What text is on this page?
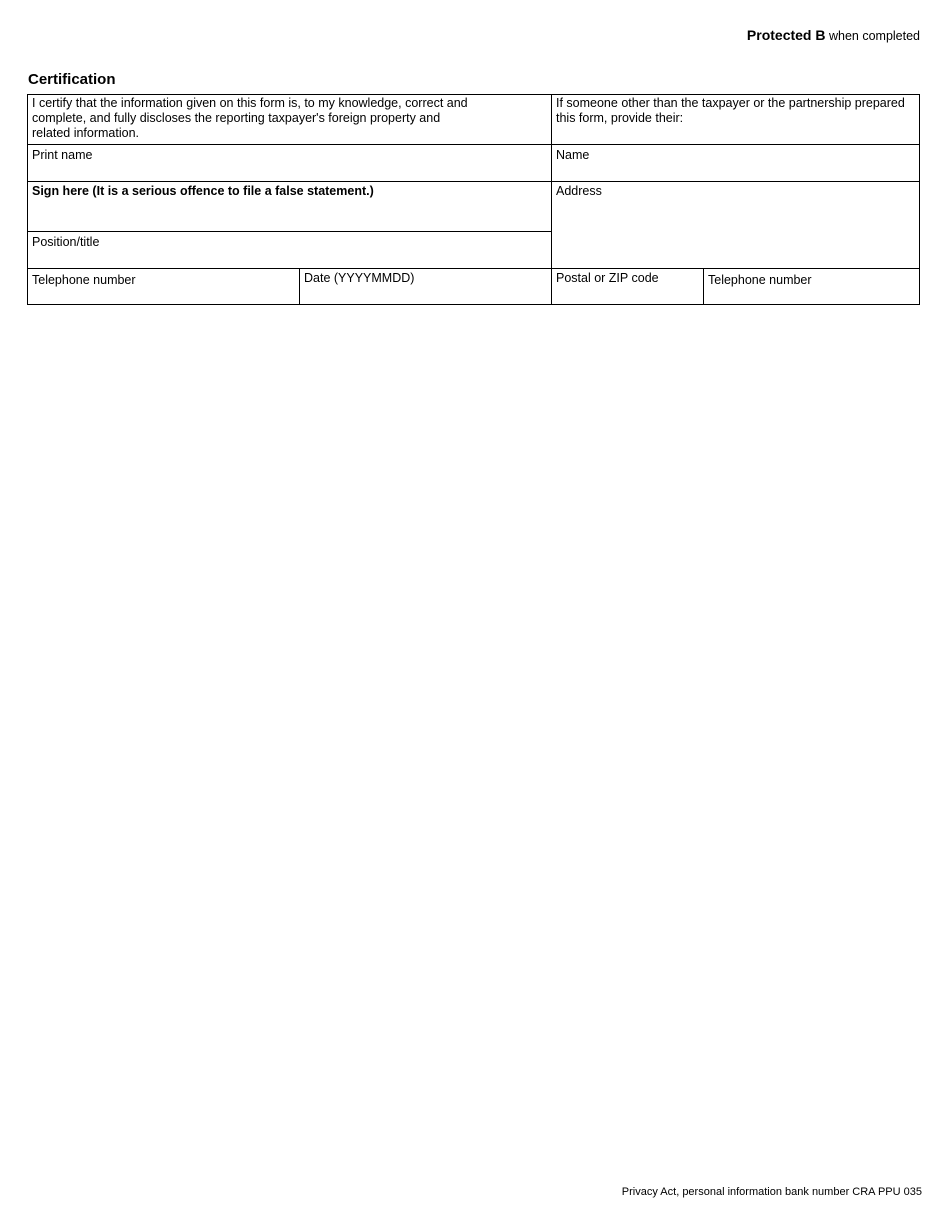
Protected B when completed
Certification
I certify that the information given on this form is, to my knowledge, correct and complete, and fully discloses the reporting taxpayer's foreign property and related information.
If someone other than the taxpayer or the partnership prepared this form, provide their:
Print name	Name
Sign here (It is a serious offence to file a false statement.)	Address
Position/title
Telephone number	Date (YYYYMMDD)	Postal or ZIP code	Telephone number
Privacy Act, personal information bank number CRA PPU 035
